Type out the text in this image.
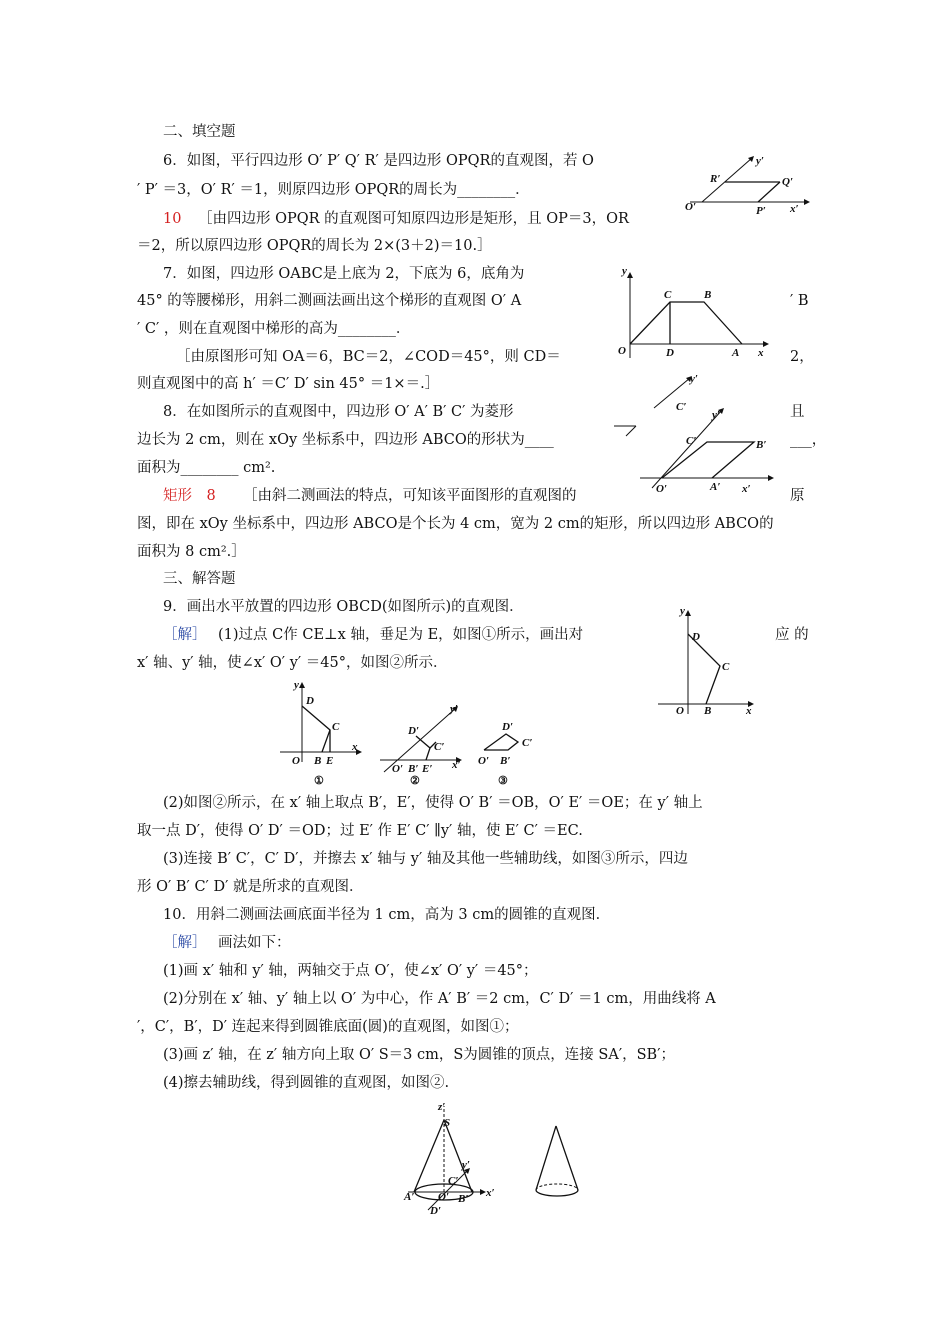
二、填空题
6．如图，平行四边形 O′ P′ Q′ R′ 是四边形 OPQR的直观图，若 O
′ P′ ＝3，O′ R′ ＝1，则原四边形 OPQR的周长为________．
10 ［由四边形 OPQR 的直观图可知原四边形是矩形，且 OP＝3，OR
＝2，所以原四边形 OPQR的周长为 2×(3＋2)＝10.］
7．如图，四边形 OABC是上底为 2，下底为 6，底角为
45° 的等腰梯形，用斜二测画法画出这个梯形的直观图 O′ A	′ B
′ C′ ，则在直观图中梯形的高为________．
［由原图形可知 OA＝6，BC＝2，∠COD＝45°，则 CD＝	2，
则直观图中的高 h′ ＝C′ D′ sin 45° ＝1×＝.］
8．在如图所示的直观图中，四边形 O′ A′ B′ C′ 为菱形	且
边长为 2 cm，则在 xOy 坐标系中，四边形 ABCO的形状为____	___，
面积为________ cm².
矩形　8 ［由斜二测画法的特点，可知该平面图形的直观图的	原
图，即在 xOy 坐标系中，四边形 ABCO是个长为 4 cm，宽为 2 cm的矩形，所以四边形 ABCO的
面积为 8 cm².］
三、解答题
9．画出水平放置的四边形 OBCD(如图所示)的直观图．
［解］ (1)过点 C作 CE⊥x 轴，垂足为 E，如图①所示，画出对	应 的
x′ 轴、y′ 轴，使∠x′ O′ y′ ＝45°，如图②所示．
(2)如图②所示，在 x′ 轴上取点 B′，E′，使得 O′ B′ ＝OB，O′ E′ ＝OE；在 y′ 轴上
取一点 D′，使得 O′ D′ ＝OD；过 E′ 作 E′ C′ ∥y′ 轴，使 E′ C′ ＝EC.
(3)连接 B′ C′，C′ D′，并擦去 x′ 轴与 y′ 轴及其他一些辅助线，如图③所示，四边
形 O′ B′ C′ D′ 就是所求的直观图．
10．用斜二测画法画底面半径为 1 cm，高为 3 cm的圆锥的直观图．
［解］ 画法如下：
(1)画 x′ 轴和 y′ 轴，两轴交于点 O′，使∠x′ O′ y′ ＝45°；
(2)分别在 x′ 轴、y′ 轴上以 O′ 为中心，作 A′ B′ ＝2 cm，C′ D′ ＝1 cm，用曲线将 A
′，C′，B′，D′ 连起来得到圆锥底面(圆)的直观图，如图①；
(3)画 z′ 轴，在 z′ 轴方向上取 O′ S＝3 cm，S为圆锥的顶点，连接 SA′，SB′；
(4)擦去辅助线，得到圆锥的直观图，如图②.
y′
R′	Q′
O′	P′ x′
y
C	B
O	D	A x
y′
C′
y′
C′	B′
O′	A′ x′
y
D
C
O B	x
y
D
C
O B E
x
①
y′
D′
C′
O′ B′ E′ x′
②
D′
C′
O′ B′
③
z′
S
y′
C′
A′ O′ B′ x′
D′
